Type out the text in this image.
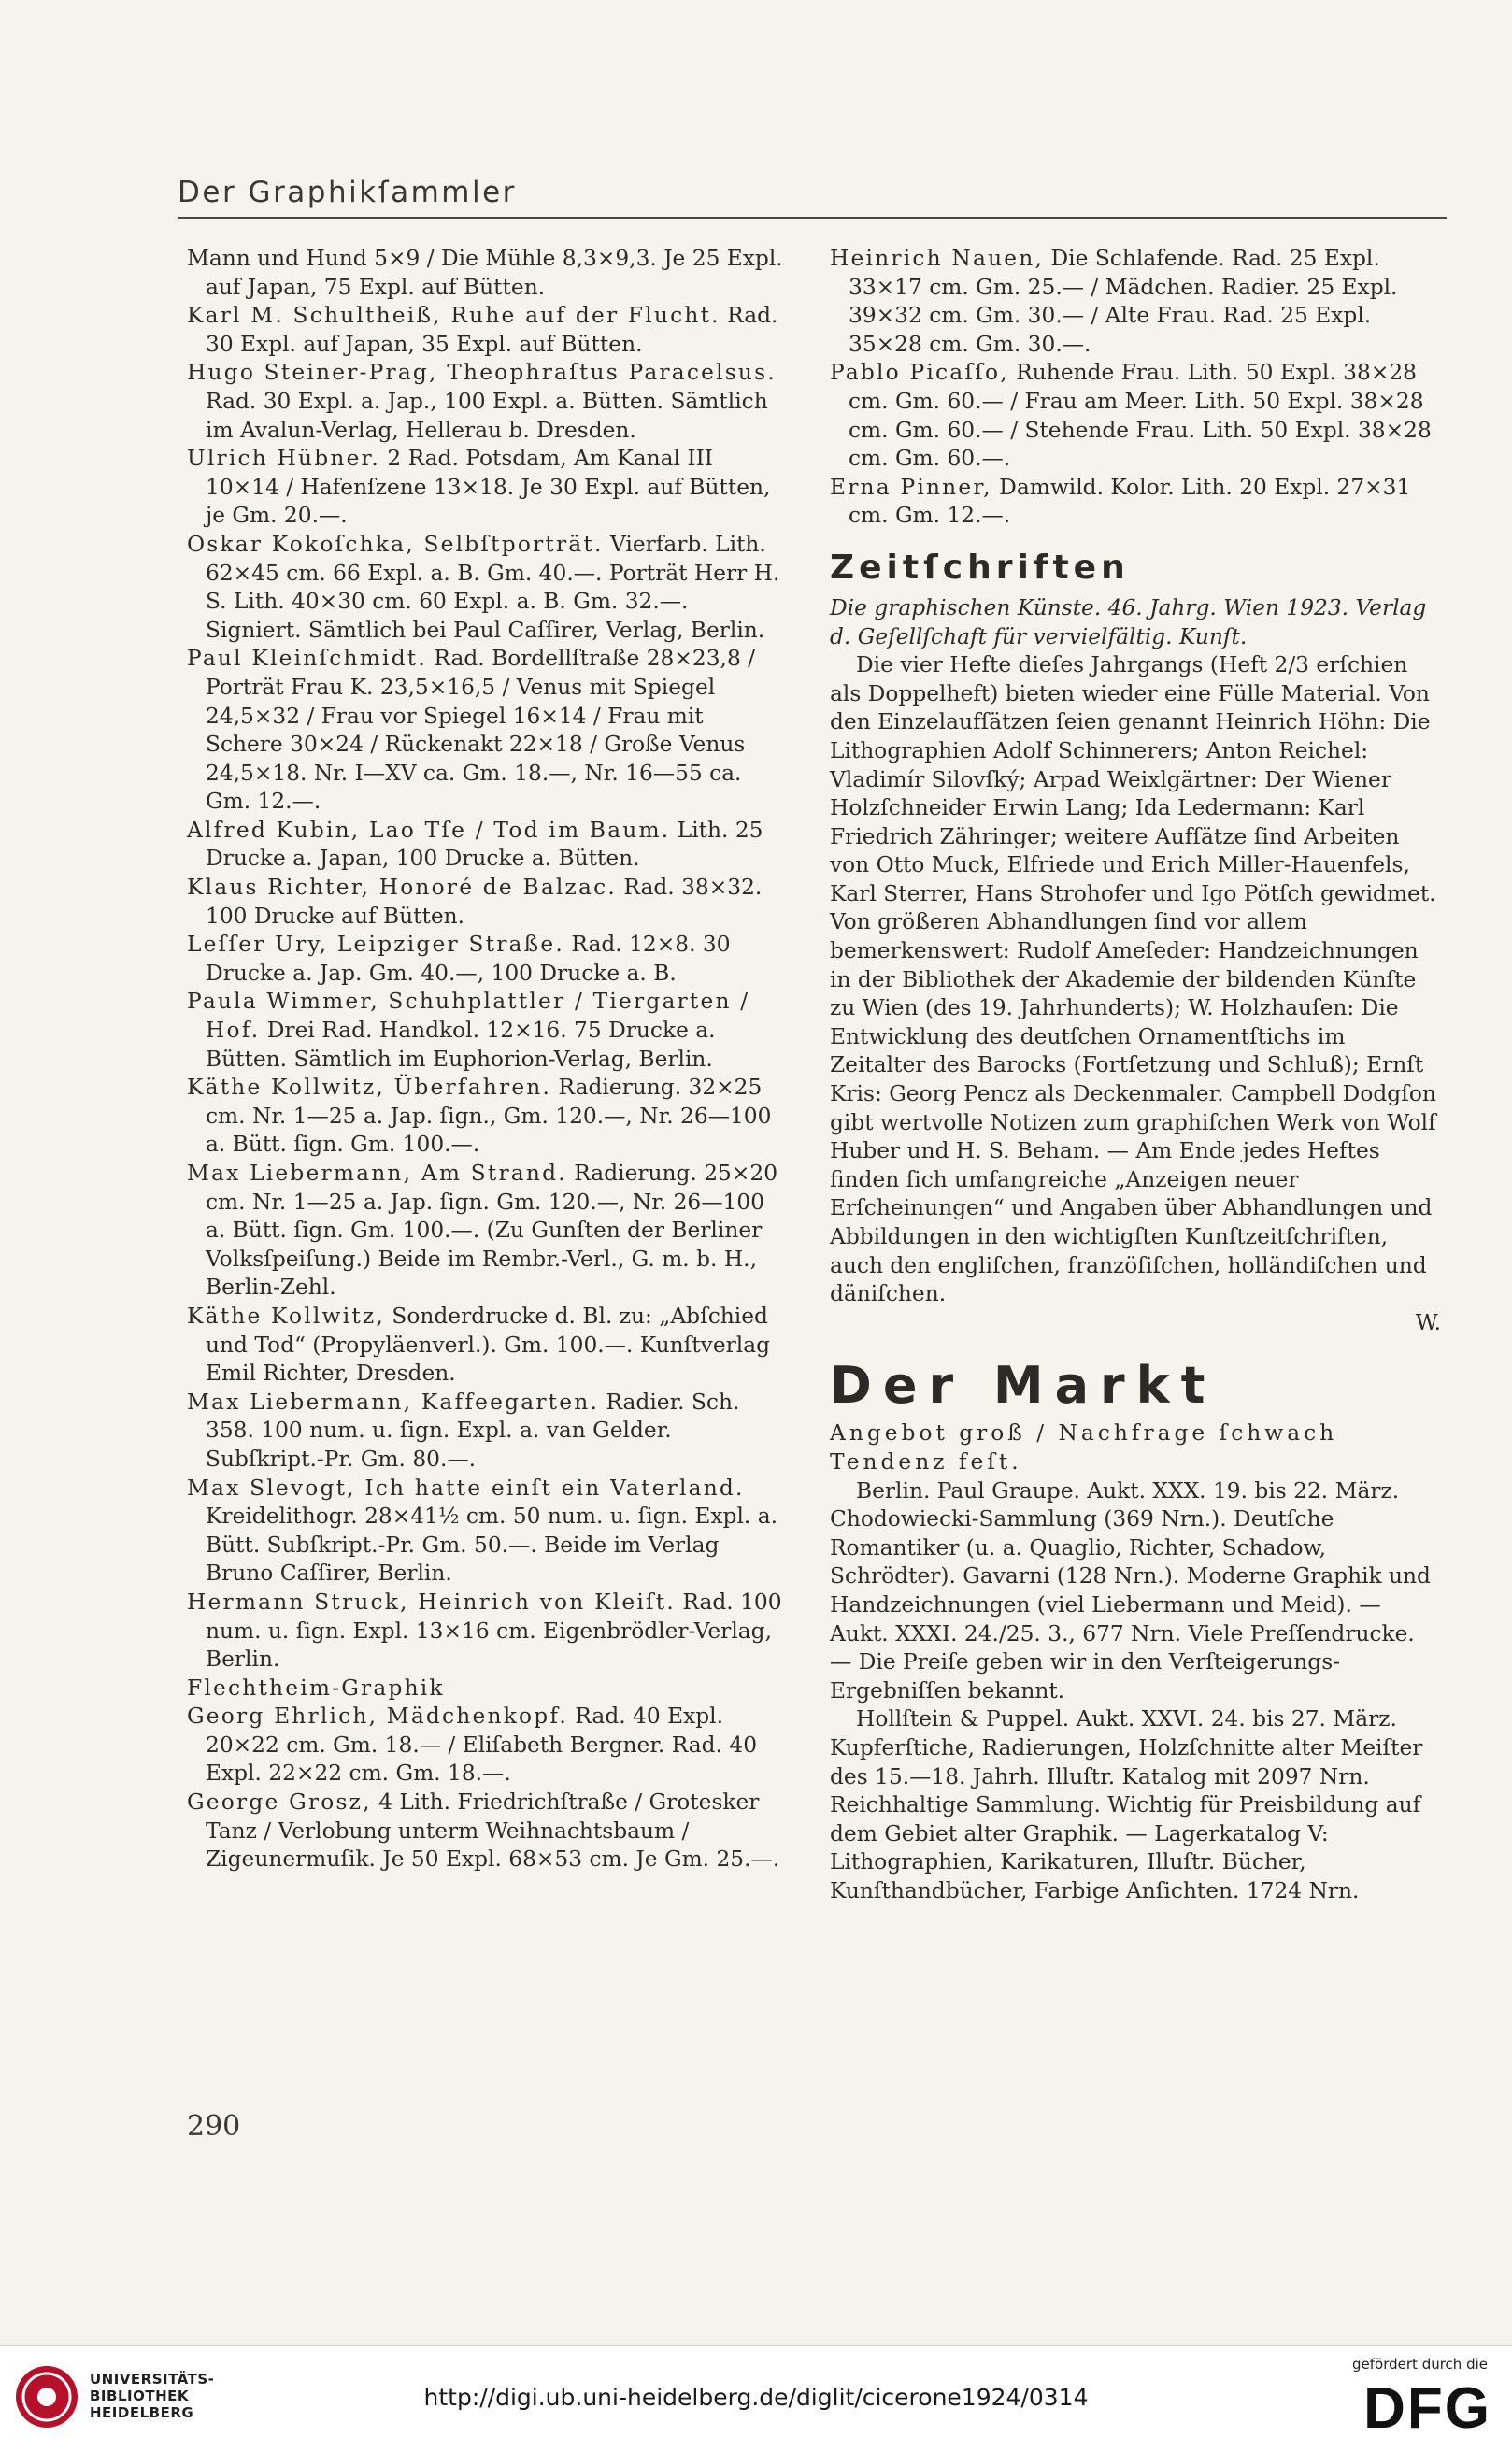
Der Graphikſammler

Mann und Hund 5×9 / Die Mühle 8,3×9,3. Je 25 Expl. auf Japan, 75 Expl. auf Bütten.

Karl M. Schultheiß, Ruhe auf der Flucht. Rad. 30 Expl. auf Japan, 35 Expl. auf Bütten.

Hugo Steiner-Prag, Theophraſtus Paracelsus. Rad. 30 Expl. a. Jap., 100 Expl. a. Bütten. Sämtlich im Avalun-Verlag, Hellerau b. Dresden.

Ulrich Hübner. 2 Rad. Potsdam, Am Kanal III 10×14 / Hafenſzene 13×18. Je 30 Expl. auf Bütten, je Gm. 20.—.

Oskar Kokoſchka, Selbſtporträt. Vierfarb. Lith. 62×45 cm. 66 Expl. a. B. Gm. 40.—. Porträt Herr H. S. Lith. 40×30 cm. 60 Expl. a. B. Gm. 32.—. Signiert. Sämtlich bei Paul Caſſirer, Verlag, Berlin.

Paul Kleinſchmidt. Rad. Bordellſtraße 28×23,8 / Porträt Frau K. 23,5×16,5 / Venus mit Spiegel 24,5×32 / Frau vor Spiegel 16×14 / Frau mit Schere 30×24 / Rückenakt 22×18 / Große Venus 24,5×18. Nr. I—XV ca. Gm. 18.—, Nr. 16—55 ca. Gm. 12.—.

Alfred Kubin, Lao Tſe / Tod im Baum. Lith. 25 Drucke a. Japan, 100 Drucke a. Bütten.

Klaus Richter, Honoré de Balzac. Rad. 38×32. 100 Drucke auf Bütten.

Leſſer Ury, Leipziger Straße. Rad. 12×8. 30 Drucke a. Jap. Gm. 40.—, 100 Drucke a. B.

Paula Wimmer, Schuhplattler / Tiergarten / Hof. Drei Rad. Handkol. 12×16. 75 Drucke a. Bütten. Sämtlich im Euphorion-Verlag, Berlin.

Käthe Kollwitz, Überfahren. Radierung. 32×25 cm. Nr. 1—25 a. Jap. ſign., Gm. 120.—, Nr. 26—100 a. Bütt. ſign. Gm. 100.—.

Max Liebermann, Am Strand. Radierung. 25×20 cm. Nr. 1—25 a. Jap. ſign. Gm. 120.—, Nr. 26—100 a. Bütt. ſign. Gm. 100.—. (Zu Gunſten der Berliner Volksſpeiſung.) Beide im Rembr.-Verl., G. m. b. H., Berlin-Zehl.

Käthe Kollwitz, Sonderdrucke d. Bl. zu: „Abſchied und Tod“ (Propyläenverl.). Gm. 100.—. Kunſtverlag Emil Richter, Dresden.

Max Liebermann, Kaffeegarten. Radier. Sch. 358. 100 num. u. ſign. Expl. a. van Gelder. Subſkript.-Pr. Gm. 80.—.

Max Slevogt, Ich hatte einſt ein Vaterland. Kreidelithogr. 28×41½ cm. 50 num. u. ſign. Expl. a. Bütt. Subſkript.-Pr. Gm. 50.—. Beide im Verlag Bruno Caſſirer, Berlin.

Hermann Struck, Heinrich von Kleiſt. Rad. 100 num. u. ſign. Expl. 13×16 cm. Eigenbrödler-Verlag, Berlin.

Flechtheim-Graphik

Georg Ehrlich, Mädchenkopf. Rad. 40 Expl. 20×22 cm. Gm. 18.— / Eliſabeth Bergner. Rad. 40 Expl. 22×22 cm. Gm. 18.—.

George Grosz, 4 Lith. Friedrichſtraße / Grotesker Tanz / Verlobung unterm Weihnachtsbaum / Zigeunermuſik. Je 50 Expl. 68×53 cm. Je Gm. 25.—.

Heinrich Nauen, Die Schlafende. Rad. 25 Expl. 33×17 cm. Gm. 25.— / Mädchen. Radier. 25 Expl. 39×32 cm. Gm. 30.— / Alte Frau. Rad. 25 Expl. 35×28 cm. Gm. 30.—.

Pablo Picaſſo, Ruhende Frau. Lith. 50 Expl. 38×28 cm. Gm. 60.— / Frau am Meer. Lith. 50 Expl. 38×28 cm. Gm. 60.— / Stehende Frau. Lith. 50 Expl. 38×28 cm. Gm. 60.—.

Erna Pinner, Damwild. Kolor. Lith. 20 Expl. 27×31 cm. Gm. 12.—.

Zeitſchriften

Die graphischen Künste. 46. Jahrg. Wien 1923. Verlag d. Geſellſchaft für vervielfältig. Kunſt.

Die vier Hefte dieſes Jahrgangs (Heft 2/3 erſchien als Doppelheft) bieten wieder eine Fülle Material. Von den Einzelaufſätzen ſeien genannt Heinrich Höhn: Die Lithographien Adolf Schinnerers; Anton Reichel: Vladimír Silovſký; Arpad Weixlgärtner: Der Wiener Holzſchneider Erwin Lang; Ida Ledermann: Karl Friedrich Zähringer; weitere Aufſätze ſind Arbeiten von Otto Muck, Elfriede und Erich Miller-Hauenfels, Karl Sterrer, Hans Strohofer und Igo Pötſch gewidmet. Von größeren Abhandlungen ſind vor allem bemerkenswert: Rudolf Ameſeder: Handzeichnungen in der Bibliothek der Akademie der bildenden Künſte zu Wien (des 19. Jahrhunderts); W. Holzhauſen: Die Entwicklung des deutſchen Ornamentſtichs im Zeitalter des Barocks (Fortſetzung und Schluß); Ernſt Kris: Georg Pencz als Deckenmaler. Campbell Dodgſon gibt wertvolle Notizen zum graphiſchen Werk von Wolf Huber und H. S. Beham. — Am Ende jedes Heftes finden ſich umfangreiche „Anzeigen neuer Erſcheinungen“ und Angaben über Abhandlungen und Abbildungen in den wichtigſten Kunſtzeitſchriften, auch den engliſchen, franzöſiſchen, holländiſchen und däniſchen.

W.

Der Markt

Angebot groß / Nachfrage ſchwach Tendenz feſt.

Berlin. Paul Graupe. Aukt. XXX. 19. bis 22. März. Chodowiecki-Sammlung (369 Nrn.). Deutſche Romantiker (u. a. Quaglio, Richter, Schadow, Schrödter). Gavarni (128 Nrn.). Moderne Graphik und Handzeichnungen (viel Liebermann und Meid). — Aukt. XXXI. 24./25. 3., 677 Nrn. Viele Preſſendrucke. — Die Preiſe geben wir in den Verſteigerungs-Ergebniſſen bekannt.

Hollſtein & Puppel. Aukt. XXVI. 24. bis 27. März. Kupferſtiche, Radierungen, Holzſchnitte alter Meiſter des 15.—18. Jahrh. Illuſtr. Katalog mit 2097 Nrn. Reichhaltige Sammlung. Wichtig für Preisbildung auf dem Gebiet alter Graphik. — Lagerkatalog V: Lithographien, Karikaturen, Illuſtr. Bücher, Kunſthandbücher, Farbige Anſichten. 1724 Nrn.

290
UNIVERSITÄTS-
BIBLIOTHEK
HEIDELBERG
http://digi.ub.uni-heidelberg.de/diglit/cicerone1924/0314
gefördert durch die
DFG
